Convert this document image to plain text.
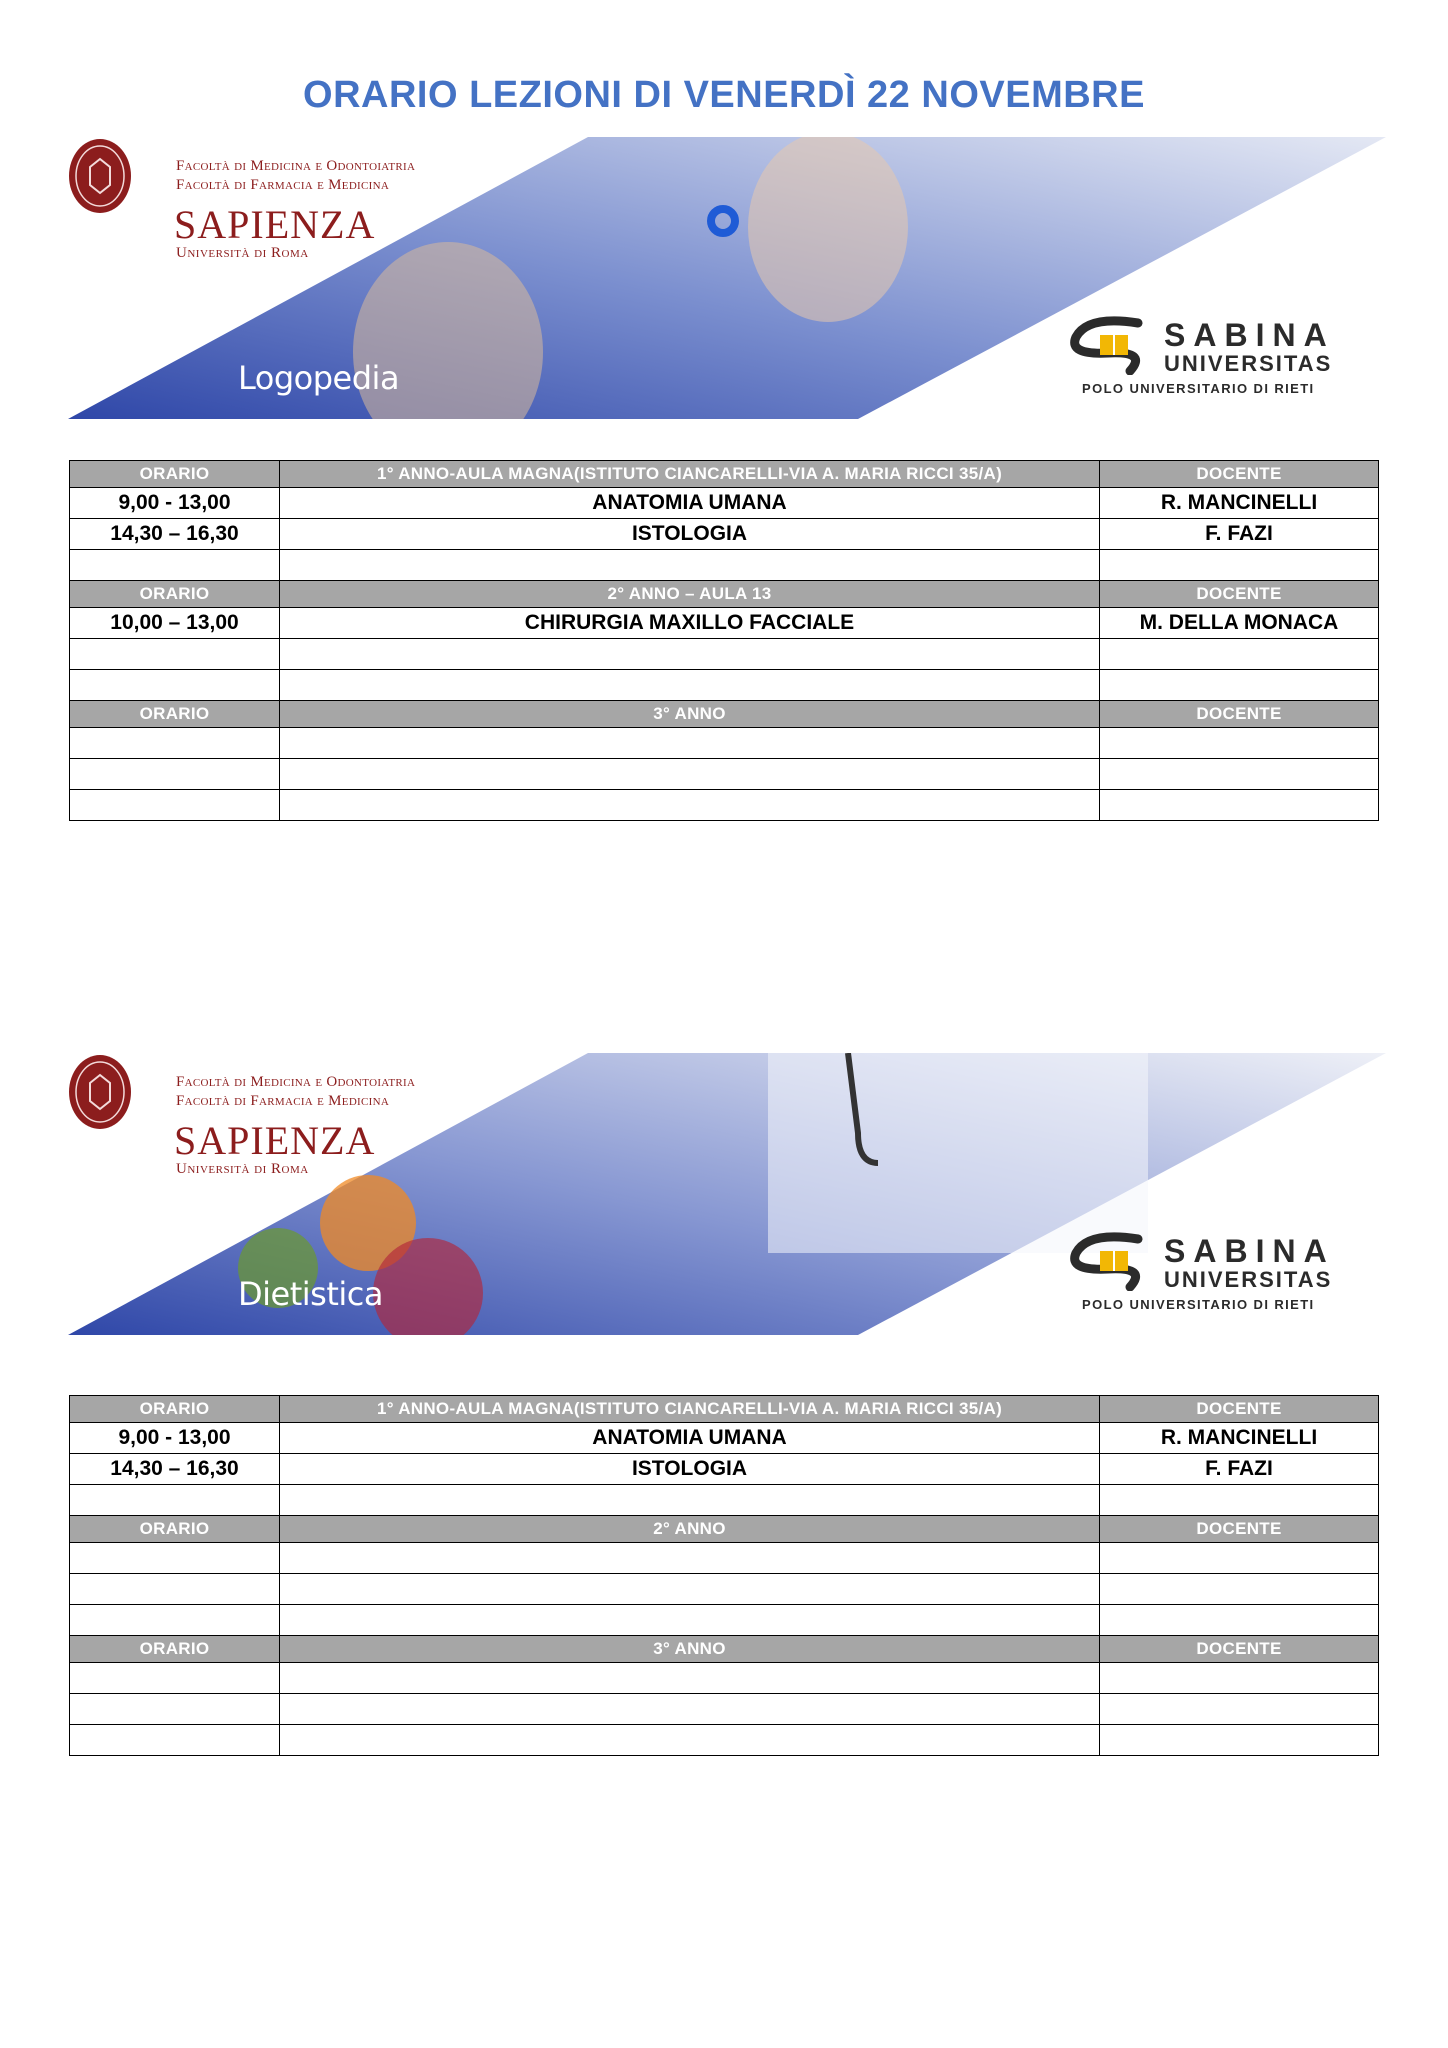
ORARIO LEZIONI DI VENERDÌ 22 NOVEMBRE
Facoltà di Medicina e Odontoiatria
Facoltà di Farmacia e Medicina
SAPIENZA
Università di Roma
Logopedia
SABINA
UNIVERSITAS
POLO UNIVERSITARIO DI RIETI
ORARIO	1° ANNO-AULA MAGNA(ISTITUTO CIANCARELLI-VIA A. MARIA RICCI 35/A)	DOCENTE
9,00 - 13,00	ANATOMIA UMANA	R. MANCINELLI
14,30 – 16,30	ISTOLOGIA	F. FAZI

ORARIO	2° ANNO – AULA 13	DOCENTE
10,00 – 13,00	CHIRURGIA MAXILLO FACCIALE	M. DELLA MONACA

ORARIO	3° ANNO	DOCENTE

Facoltà di Medicina e Odontoiatria
Facoltà di Farmacia e Medicina
SAPIENZA
Università di Roma
Dietistica
SABINA
UNIVERSITAS
POLO UNIVERSITARIO DI RIETI
ORARIO	1° ANNO-AULA MAGNA(ISTITUTO CIANCARELLI-VIA A. MARIA RICCI 35/A)	DOCENTE
9,00 - 13,00	ANATOMIA UMANA	R. MANCINELLI
14,30 – 16,30	ISTOLOGIA	F. FAZI

ORARIO	2° ANNO	DOCENTE

ORARIO	3° ANNO	DOCENTE
